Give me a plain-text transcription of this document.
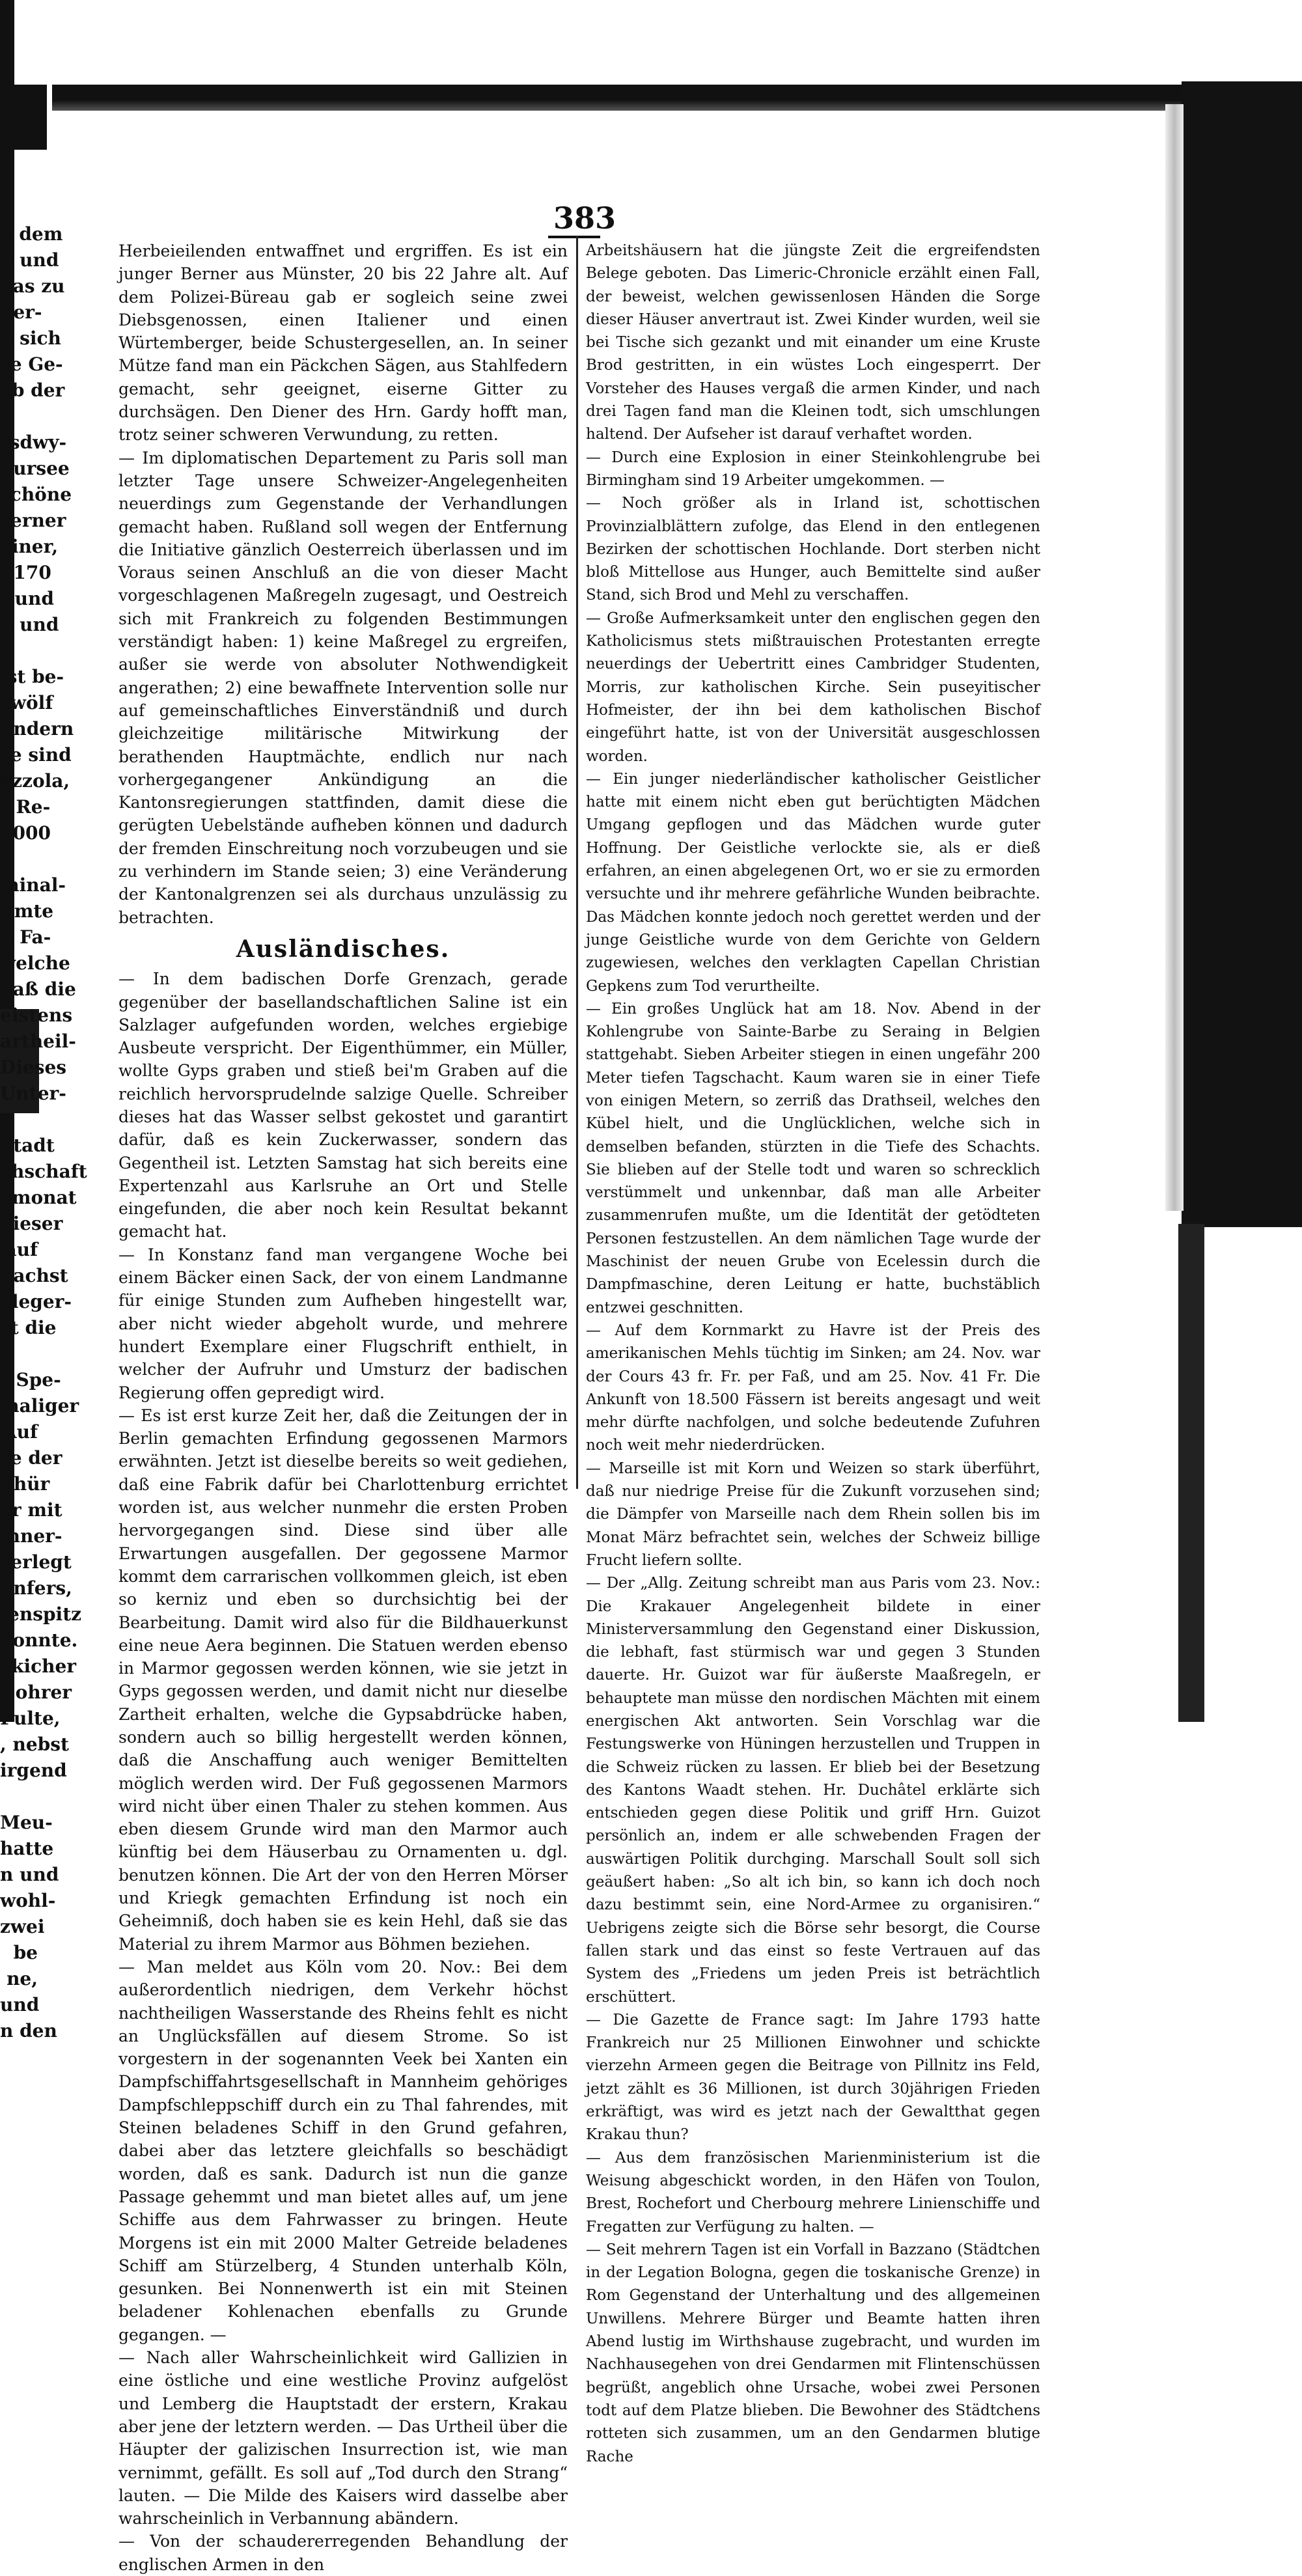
g dem
n und
das zu
her-
n sich
se Ge-
eb der

rsdwy-
Sursee
schöne
zerner
einer,
i 170
t und
n und

ist be-
zwölf
ündern
se sind
azzola,
r Re-
5000

minal-
Amte
n Fa-
welche
daß die
eistens
artheil-
Dieses
Unter-

Stadt
chschaft
emonat
dieser
auf
nachst
eleger-
st die

r Spe-
maliger
Auf
se der
Thür
er mit
inner-
verlegt
unfers,
fenspitz
konnte.
ckicher
Bohrer
Pulte,
, nebst
irgend

Meu-
hatte
n und
wohl-
zwei
be
ne,
und
n den
383

Herbeieilenden entwaffnet und ergriffen. Es ist ein junger Berner aus Münster, 20 bis 22 Jahre alt. Auf dem Polizei-Büreau gab er sogleich seine zwei Diebsgenossen, einen Italiener und einen Würtemberger, beide Schustergesellen, an. In seiner Mütze fand man ein Päckchen Sägen, aus Stahlfedern gemacht, sehr geeignet, eiserne Gitter zu durchsägen. Den Diener des Hrn. Gardy hofft man, trotz seiner schweren Verwundung, zu retten.

— Im diplomatischen Departement zu Paris soll man letzter Tage unsere Schweizer-Angelegenheiten neuerdings zum Gegenstande der Verhandlungen gemacht haben. Rußland soll wegen der Entfernung die Initiative gänzlich Oesterreich überlassen und im Voraus seinen Anschluß an die von dieser Macht vorgeschlagenen Maßregeln zugesagt, und Oestreich sich mit Frankreich zu folgenden Bestimmungen verständigt haben: 1) keine Maßregel zu ergreifen, außer sie werde von absoluter Nothwendigkeit angerathen; 2) eine bewaffnete Intervention solle nur auf gemeinschaftliches Einverständniß und durch gleichzeitige militärische Mitwirkung der berathenden Hauptmächte, endlich nur nach vorhergegangener Ankündigung an die Kantonsregierungen stattfinden, damit diese die gerügten Uebelstände aufheben können und dadurch der fremden Einschreitung noch vorzubeugen und sie zu verhindern im Stande seien; 3) eine Veränderung der Kantonalgrenzen sei als durchaus unzulässig zu betrachten.

Ausländisches.

— In dem badischen Dorfe Grenzach, gerade gegenüber der basellandschaftlichen Saline ist ein Salzlager aufgefunden worden, welches ergiebige Ausbeute verspricht. Der Eigenthümmer, ein Müller, wollte Gyps graben und stieß bei'm Graben auf die reichlich hervorsprudelnde salzige Quelle. Schreiber dieses hat das Wasser selbst gekostet und garantirt dafür, daß es kein Zuckerwasser, sondern das Gegentheil ist. Letzten Samstag hat sich bereits eine Expertenzahl aus Karlsruhe an Ort und Stelle eingefunden, die aber noch kein Resultat bekannt gemacht hat.

— In Konstanz fand man vergangene Woche bei einem Bäcker einen Sack, der von einem Landmanne für einige Stunden zum Aufheben hingestellt war, aber nicht wieder abgeholt wurde, und mehrere hundert Exemplare einer Flugschrift enthielt, in welcher der Aufruhr und Umsturz der badischen Regierung offen gepredigt wird.

— Es ist erst kurze Zeit her, daß die Zeitungen der in Berlin gemachten Erfindung gegossenen Marmors erwähnten. Jetzt ist dieselbe bereits so weit gediehen, daß eine Fabrik dafür bei Charlottenburg errichtet worden ist, aus welcher nunmehr die ersten Proben hervorgegangen sind. Diese sind über alle Erwartungen ausgefallen. Der gegossene Marmor kommt dem carrarischen vollkommen gleich, ist eben so kerniz und eben so durchsichtig bei der Bearbeitung. Damit wird also für die Bildhauerkunst eine neue Aera beginnen. Die Statuen werden ebenso in Marmor gegossen werden können, wie sie jetzt in Gyps gegossen werden, und damit nicht nur dieselbe Zartheit erhalten, welche die Gypsabdrücke haben, sondern auch so billig hergestellt werden können, daß die Anschaffung auch weniger Bemittelten möglich werden wird. Der Fuß gegossenen Marmors wird nicht über einen Thaler zu stehen kommen. Aus eben diesem Grunde wird man den Marmor auch künftig bei dem Häuserbau zu Ornamenten u. dgl. benutzen können. Die Art der von den Herren Mörser und Kriegk gemachten Erfindung ist noch ein Geheimniß, doch haben sie es kein Hehl, daß sie das Material zu ihrem Marmor aus Böhmen beziehen.

— Man meldet aus Köln vom 20. Nov.: Bei dem außerordentlich niedrigen, dem Verkehr höchst nachtheiligen Wasserstande des Rheins fehlt es nicht an Unglücksfällen auf diesem Strome. So ist vorgestern in der sogenannten Veek bei Xanten ein Dampfschiffahrtsgesellschaft in Mannheim gehöriges Dampfschleppschiff durch ein zu Thal fahrendes, mit Steinen beladenes Schiff in den Grund gefahren, dabei aber das letztere gleichfalls so beschädigt worden, daß es sank. Dadurch ist nun die ganze Passage gehemmt und man bietet alles auf, um jene Schiffe aus dem Fahrwasser zu bringen. Heute Morgens ist ein mit 2000 Malter Getreide beladenes Schiff am Stürzelberg, 4 Stunden unterhalb Köln, gesunken. Bei Nonnenwerth ist ein mit Steinen beladener Kohlenachen ebenfalls zu Grunde gegangen. —

— Nach aller Wahrscheinlichkeit wird Gallizien in eine östliche und eine westliche Provinz aufgelöst und Lemberg die Hauptstadt der erstern, Krakau aber jene der letztern werden. — Das Urtheil über die Häupter der galizischen Insurrection ist, wie man vernimmt, gefällt. Es soll auf „Tod durch den Strang“ lauten. — Die Milde des Kaisers wird dasselbe aber wahrscheinlich in Verbannung abändern.

— Von der schaudererregenden Behandlung der englischen Armen in den

Arbeitshäusern hat die jüngste Zeit die ergreifendsten Belege geboten. Das Limeric-Chronicle erzählt einen Fall, der beweist, welchen gewissenlosen Händen die Sorge dieser Häuser anvertraut ist. Zwei Kinder wurden, weil sie bei Tische sich gezankt und mit einander um eine Kruste Brod gestritten, in ein wüstes Loch eingesperrt. Der Vorsteher des Hauses vergaß die armen Kinder, und nach drei Tagen fand man die Kleinen todt, sich umschlungen haltend. Der Aufseher ist darauf verhaftet worden.

— Durch eine Explosion in einer Steinkohlengrube bei Birmingham sind 19 Arbeiter umgekommen. —

— Noch größer als in Irland ist, schottischen Provinzialblättern zufolge, das Elend in den entlegenen Bezirken der schottischen Hochlande. Dort sterben nicht bloß Mittellose aus Hunger, auch Bemittelte sind außer Stand, sich Brod und Mehl zu verschaffen.

— Große Aufmerksamkeit unter den englischen gegen den Katholicismus stets mißtrauischen Protestanten erregte neuerdings der Uebertritt eines Cambridger Studenten, Morris, zur katholischen Kirche. Sein puseyitischer Hofmeister, der ihn bei dem katholischen Bischof eingeführt hatte, ist von der Universität ausgeschlossen worden.

— Ein junger niederländischer katholischer Geistlicher hatte mit einem nicht eben gut berüchtigten Mädchen Umgang gepflogen und das Mädchen wurde guter Hoffnung. Der Geistliche verlockte sie, als er dieß erfahren, an einen abgelegenen Ort, wo er sie zu ermorden versuchte und ihr mehrere gefährliche Wunden beibrachte. Das Mädchen konnte jedoch noch gerettet werden und der junge Geistliche wurde von dem Gerichte von Geldern zugewiesen, welches den verklagten Capellan Christian Gepkens zum Tod verurtheilte.

— Ein großes Unglück hat am 18. Nov. Abend in der Kohlengrube von Sainte-Barbe zu Seraing in Belgien stattgehabt. Sieben Arbeiter stiegen in einen ungefähr 200 Meter tiefen Tagschacht. Kaum waren sie in einer Tiefe von einigen Metern, so zerriß das Drathseil, welches den Kübel hielt, und die Unglücklichen, welche sich in demselben befanden, stürzten in die Tiefe des Schachts. Sie blieben auf der Stelle todt und waren so schrecklich verstümmelt und unkennbar, daß man alle Arbeiter zusammenrufen mußte, um die Identität der getödteten Personen festzustellen. An dem nämlichen Tage wurde der Maschinist der neuen Grube von Ecelessin durch die Dampfmaschine, deren Leitung er hatte, buchstäblich entzwei geschnitten.

— Auf dem Kornmarkt zu Havre ist der Preis des amerikanischen Mehls tüchtig im Sinken; am 24. Nov. war der Cours 43 fr. Fr. per Faß, und am 25. Nov. 41 Fr. Die Ankunft von 18.500 Fässern ist bereits angesagt und weit mehr dürfte nachfolgen, und solche bedeutende Zufuhren noch weit mehr niederdrücken.

— Marseille ist mit Korn und Weizen so stark überführt, daß nur niedrige Preise für die Zukunft vorzusehen sind; die Dämpfer von Marseille nach dem Rhein sollen bis im Monat März befrachtet sein, welches der Schweiz billige Frucht liefern sollte.

— Der „Allg. Zeitung schreibt man aus Paris vom 23. Nov.: Die Krakauer Angelegenheit bildete in einer Ministerversammlung den Gegenstand einer Diskussion, die lebhaft, fast stürmisch war und gegen 3 Stunden dauerte. Hr. Guizot war für äußerste Maaßregeln, er behauptete man müsse den nordischen Mächten mit einem energischen Akt antworten. Sein Vorschlag war die Festungswerke von Hüningen herzustellen und Truppen in die Schweiz rücken zu lassen. Er blieb bei der Besetzung des Kantons Waadt stehen. Hr. Duchâtel erklärte sich entschieden gegen diese Politik und griff Hrn. Guizot persönlich an, indem er alle schwebenden Fragen der auswärtigen Politik durchging. Marschall Soult soll sich geäußert haben: „So alt ich bin, so kann ich doch noch dazu bestimmt sein, eine Nord-Armee zu organisiren.“ Uebrigens zeigte sich die Börse sehr besorgt, die Course fallen stark und das einst so feste Vertrauen auf das System des „Friedens um jeden Preis ist beträchtlich erschüttert.

— Die Gazette de France sagt: Im Jahre 1793 hatte Frankreich nur 25 Millionen Einwohner und schickte vierzehn Armeen gegen die Beitrage von Pillnitz ins Feld, jetzt zählt es 36 Millionen, ist durch 30jährigen Frieden erkräftigt, was wird es jetzt nach der Gewaltthat gegen Krakau thun?

— Aus dem französischen Marienministerium ist die Weisung abgeschickt worden, in den Häfen von Toulon, Brest, Rochefort und Cherbourg mehrere Linienschiffe und Fregatten zur Verfügung zu halten. —

— Seit mehrern Tagen ist ein Vorfall in Bazzano (Städtchen in der Legation Bologna, gegen die toskanische Grenze) in Rom Gegenstand der Unterhaltung und des allgemeinen Unwillens. Mehrere Bürger und Beamte hatten ihren Abend lustig im Wirthshause zugebracht, und wurden im Nachhausegehen von drei Gendarmen mit Flintenschüssen begrüßt, angeblich ohne Ursache, wobei zwei Personen todt auf dem Platze blieben. Die Bewohner des Städtchens rotteten sich zusammen, um an den Gendarmen blutige Rache
